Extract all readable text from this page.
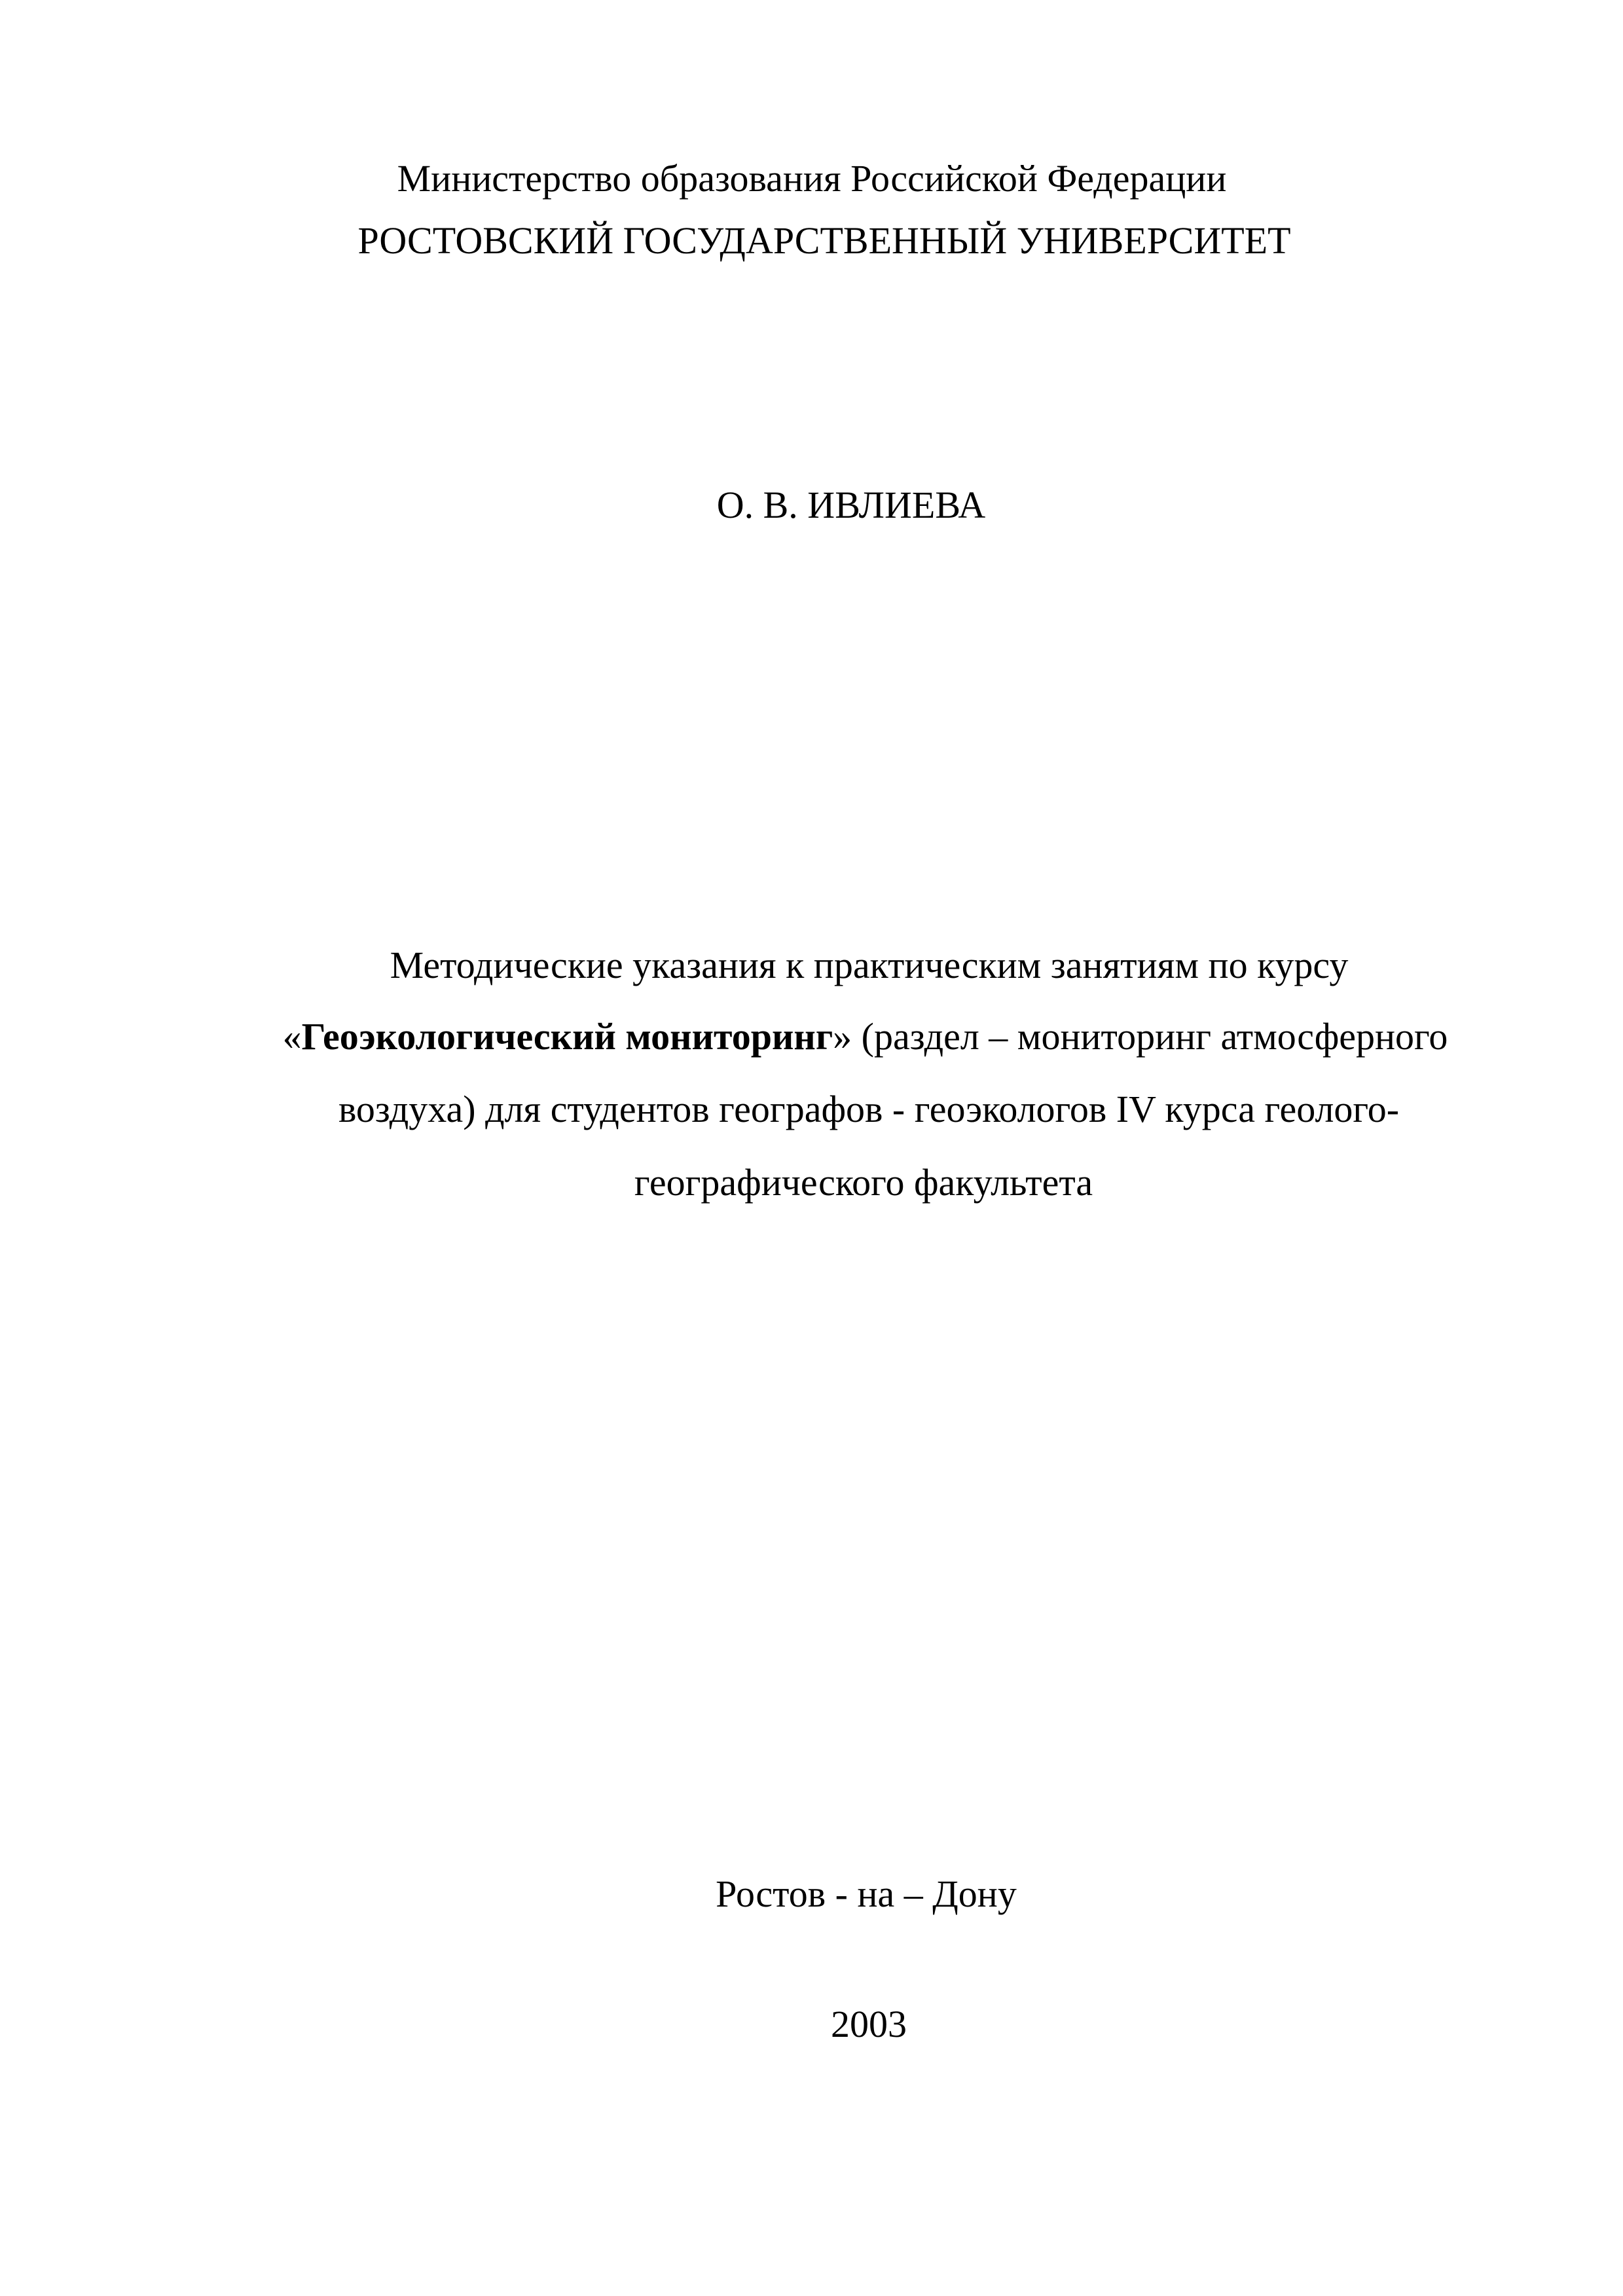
Министерство образования Российской Федерации
РОСТОВСКИЙ ГОСУДАРСТВЕННЫЙ УНИВЕРСИТЕТ
О. В. ИВЛИЕВА
Методические указания к практическим занятиям по курсу
«Геоэкологический мониторинг» (раздел – мониторинг атмосферного
воздуха) для студентов географов - геоэкологов IV курса геолого-
географического факультета
Ростов - на – Дону
2003
